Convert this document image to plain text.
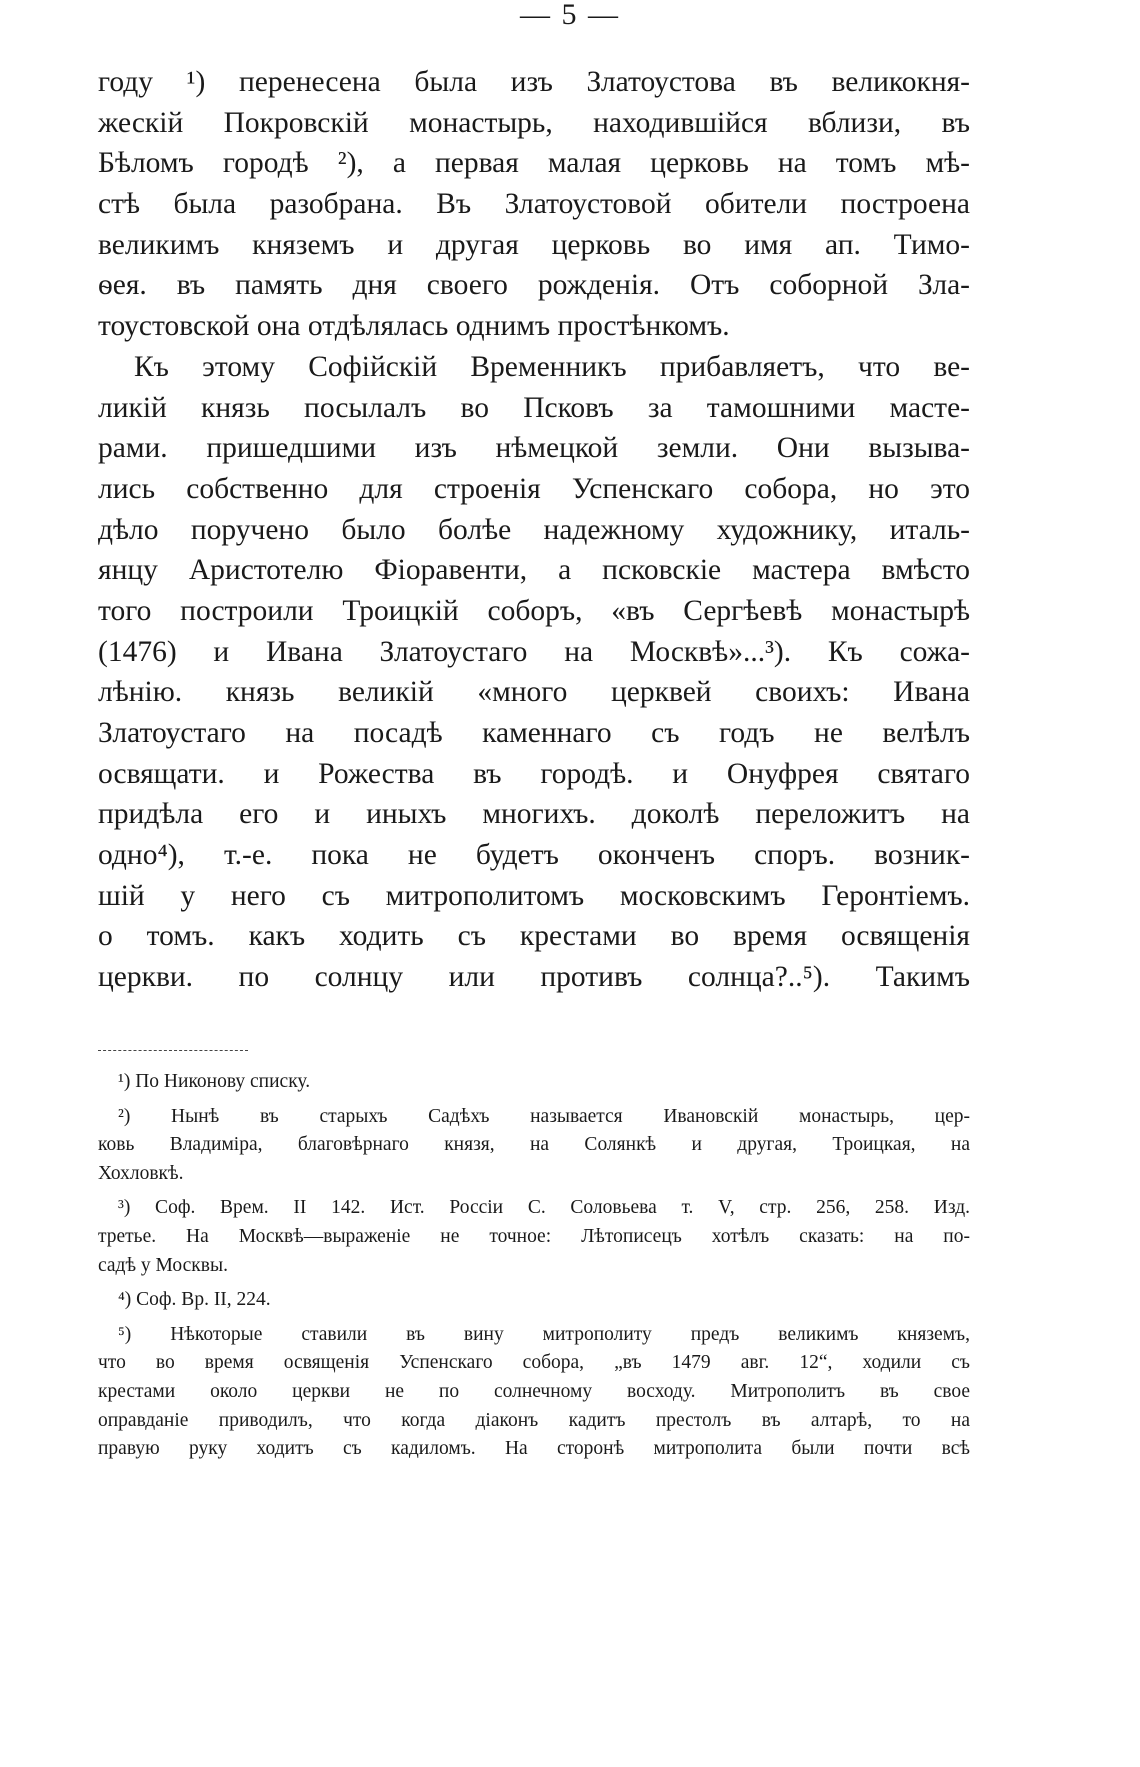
— 5 —
году ¹) перенесена была изъ Златоустова въ великокня-
жескій Покровскій монастырь, находившійся вблизи, въ
Бѣломъ городѣ ²), а первая малая церковь на томъ мѣ-
стѣ была разобрана. Въ Златоустовой обители построена
великимъ княземъ и другая церковь во имя ап. Тимо-
ѳея. въ память дня своего рожденія. Отъ соборной Зла-
тоустовской она отдѣлялась однимъ простѣнкомъ.
Къ этому Софійскій Временникъ прибавляетъ, что ве-
ликій князь посылалъ во Псковъ за тамошними масте-
рами. пришедшими изъ нѣмецкой земли. Они вызыва-
лись собственно для строенія Успенскаго собора, но это
дѣло поручено было болѣе надежному художнику, италь-
янцу Аристотелю Фіоравенти, а псковскіе мастера вмѣсто
того построили Троицкій соборъ, «въ Сергѣевѣ монастырѣ
(1476) и Ивана Златоустаго на Москвѣ»...³). Къ сожа-
лѣнію. князь великій «много церквей своихъ: Ивана
Златоустаго на посадѣ каменнаго съ годъ не велѣлъ
освящати. и Рожества въ городѣ. и Онуфрея святаго
придѣла его и иныхъ многихъ. доколѣ переложитъ на
одно⁴), т.-е. пока не будетъ оконченъ споръ. возник-
шій у него съ митрополитомъ московскимъ Геронтіемъ.
о томъ. какъ ходить съ крестами во время освященія
церкви. по солнцу или противъ солнца?..⁵). Такимъ
¹) По Никонову списку.
²) Нынѣ въ старыхъ Садѣхъ называется Ивановскій монастырь, цер-
ковь Владиміра, благовѣрнаго князя, на Солянкѣ и другая, Троицкая, на
Хохловкѣ.
³) Соф. Врем. II 142. Ист. Россіи С. Соловьева т. V, стр. 256, 258. Изд.
третье. На Москвѣ—выраженіе не точное: Лѣтописецъ хотѣлъ сказать: на по-
садѣ у Москвы.
⁴) Соф. Вр. II, 224.
⁵) Нѣкоторые ставили въ вину митрополиту предъ великимъ княземъ,
что во время освященія Успенскаго собора, „въ 1479 авг. 12“, ходили съ
крестами около церкви не по солнечному восходу. Митрополитъ въ свое
оправданіе приводилъ, что когда діаконъ кадитъ престолъ въ алтарѣ, то на
правую руку ходитъ съ кадиломъ. На сторонѣ митрополита были почти всѣ
